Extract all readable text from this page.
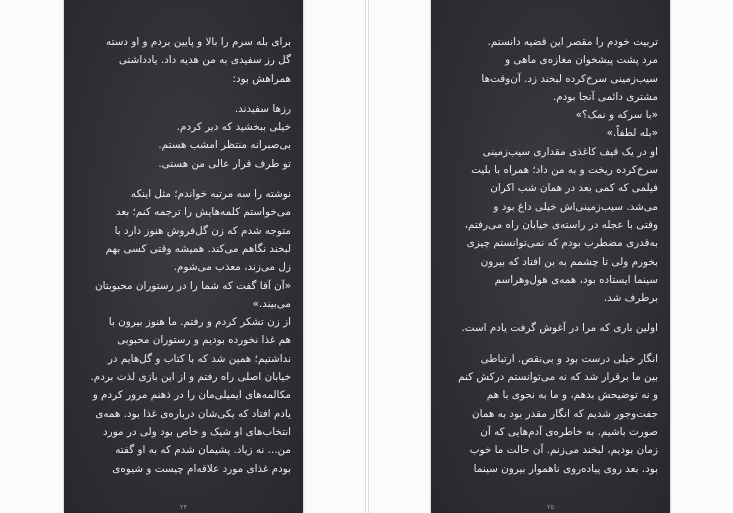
برای بله سرم را بالا و پایین بردم و او دسته
گل رز سفیدی به من هدیه داد. یادداشتی
همراهش بود:
رزها سفیدند.
خیلی ببخشید که دیر کردم.
بی‌صبرانه منتظر امشب هستم.
تو طرف قرار عالی من هستی.
نوشته را سه مرتبه خواندم؛ مثل اینکه
می‌خواستم کلمه‌هایش را ترجمه کنم؛ بعد
متوجه شدم که زن گل‌فروش هنوز دارد با
لبخند نگاهم می‌کند. همیشه وقتی کسی بهم
زل می‌زند، معذب می‌شوم.
«آن آقا گفت که شما را در رستوران محبوبتان
می‌بیند.»
از زن تشکر کردم و رفتم. ما هنوز بیرون با
هم غذا نخورده بودیم و رستوران محبوبی
نداشتیم؛ همین شد که با کتاب و گل‌هایم در
خیابان اصلی راه رفتم و از این بازی لذت بردم.
مکالمه‌های ایمیلی‌مان را در ذهنم مرور کردم و
یادم افتاد که یکی‌شان درباره‌ی غذا بود. همه‌ی
انتخاب‌های او شیک و خاص بود ولی در مورد
من... نه زیاد. پشیمان شدم که به او گفته
بودم غذای مورد علاقه‌ام چیست و شیوه‌ی
۲۴
تربیت خودم را مقصر این قضیه دانستم.
مرد پشت پیشخوان مغازه‌ی ماهی و
سیب‌زمینی سرخ‌کرده لبخند زد. آن‌وقت‌ها
مشتری دائمی آنجا بودم.
«با سرکه و نمک؟»
«بله لطفاً.»
او در یک قیف کاغذی مقداری سیب‌زمینی
سرخ‌کرده ریخت و به من داد؛ همراه با بلیت
فیلمی که کمی بعد در همان شب اکران
می‌شد. سیب‌زمینی‌اش خیلی داغ بود و
وقتی با عجله در راسته‌ی خیابان راه می‌رفتم،
به‌قدری مضطرب بودم که نمی‌توانستم چیزی
بخورم ولی تا چشمم به بن افتاد که بیرون
سینما ایستاده بود، همه‌ی هول‌وهراسم
برطرف شد.
اولین باری که مرا در آغوش گرفت یادم است.
انگار خیلی درست بود و بی‌نقص. ارتباطی
بین ما برقرار شد که نه می‌توانستم درکش کنم
و نه توضیحش بدهم، و ما به نحوی با هم
جفت‌وجور شدیم که انگار مقدر بود به همان
صورت باشیم. به خاطره‌ی آدم‌هایی که آن
زمان بودیم، لبخند می‌زنم. آن حالت ما خوب
بود. بعد روی پیاده‌روی ناهموار بیرون سینما
۲۵
